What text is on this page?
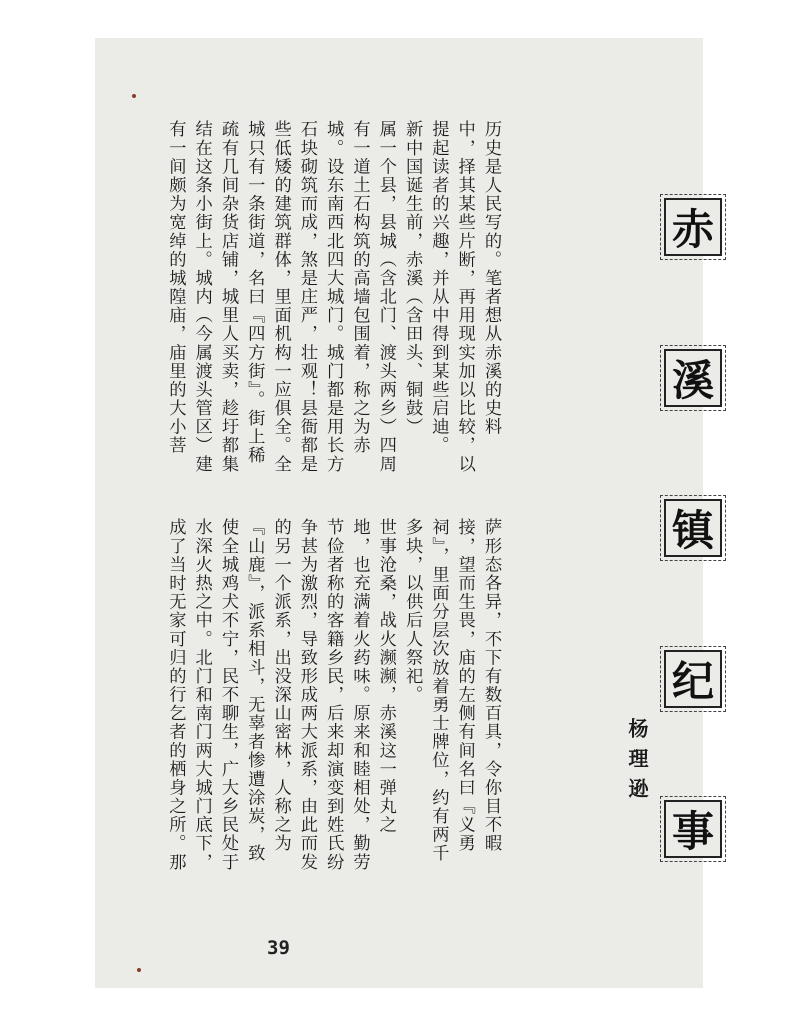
历史是人民写的。笔者想从赤溪的史料

中，择其某些片断，再用现实加以比较，以

提起读者的兴趣，并从中得到某些启迪。

新中国诞生前，赤溪（含田头、铜鼓）

属一个县，县城（含北门、渡头两乡）四周

有一道土石构筑的高墙包围着，称之为赤

城。设东南西北四大城门。城门都是用长方

石块砌筑而成，煞是庄严，壮观！县衙都是

些低矮的建筑群体，里面机构一应俱全。全

城只有一条街道，名曰『四方街』。街上稀

疏有几间杂货店铺，城里人买卖，趁圩都集

结在这条小街上。城内（今属渡头管区）建

有一间颇为宽绰的城隍庙，庙里的大小菩

萨形态各异，不下有数百具，令你目不暇

接，望而生畏，庙的左侧有间名曰『义勇

祠』，里面分层次放着勇士牌位，约有两千

多块，以供后人祭祀。

世事沧桑，战火濒濒，赤溪这一弹丸之

地，也充满着火药味。原来和睦相处，勤劳

节俭者称的客籍乡民，后来却演变到姓氏纷

争甚为激烈，导致形成两大派系，由此而发

的另一个派系，出没深山密林，人称之为

『山鹿』，派系相斗，无辜者惨遭涂炭，致

使全城鸡犬不宁，民不聊生，广大乡民处于

水深火热之中。北门和南门两大城门底下，

成了当时无家可归的行乞者的栖身之所。那

赤
溪
镇
纪
事
杨理逊
39
